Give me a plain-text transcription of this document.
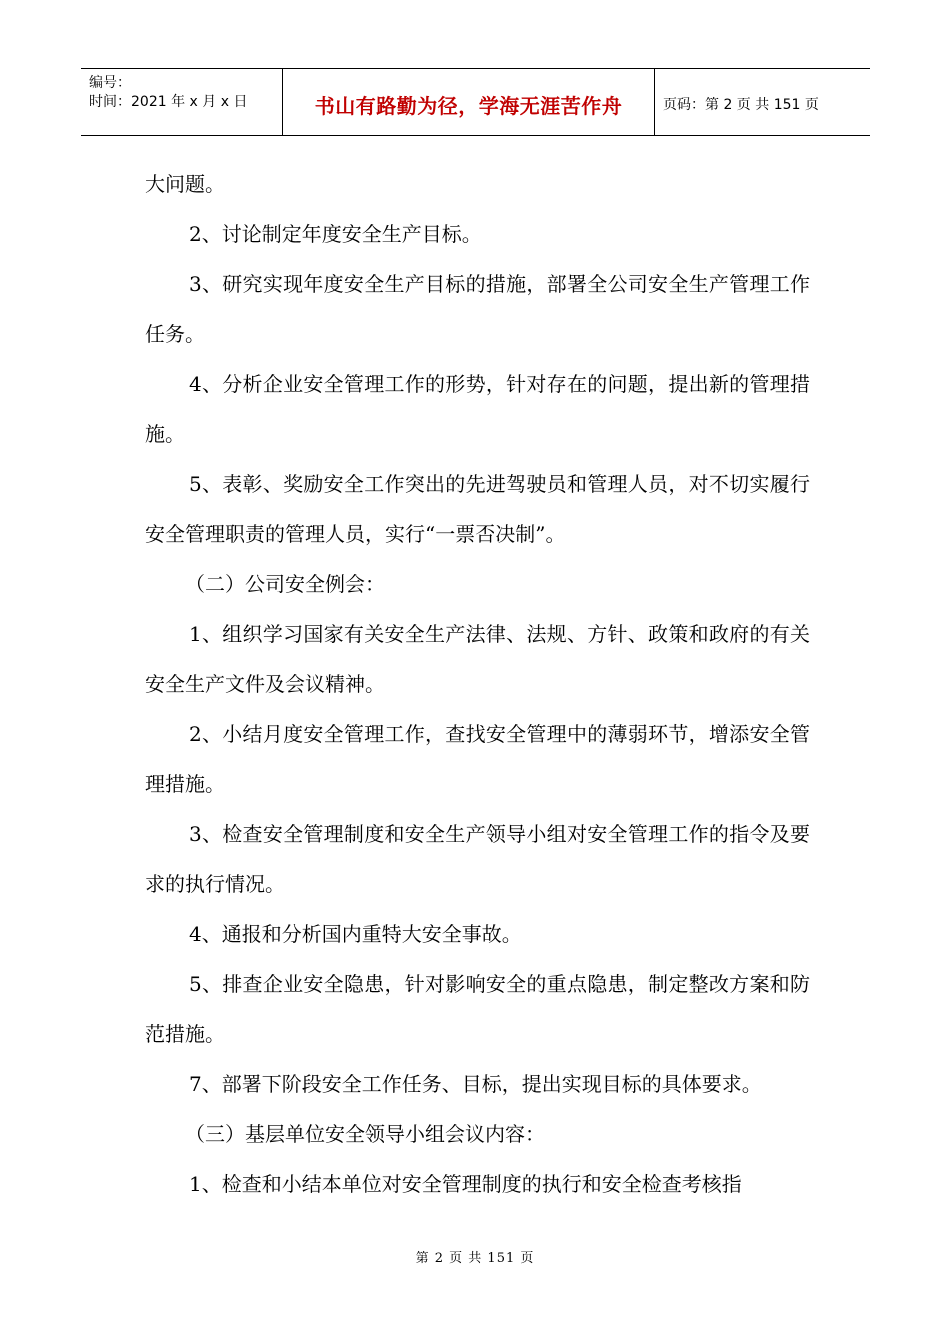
编号：
时间：2021 年 x 月 x 日	书山有路勤为径，学海无涯苦作舟	页码：第 2 页 共 151 页

大问题。

2、讨论制定年度安全生产目标。

3、研究实现年度安全生产目标的措施，部署全公司安全生产管理工作任务。

4、分析企业安全管理工作的形势，针对存在的问题，提出新的管理措施。

5、表彰、奖励安全工作突出的先进驾驶员和管理人员，对不切实履行安全管理职责的管理人员，实行“一票否决制”。

（二）公司安全例会：

1、组织学习国家有关安全生产法律、法规、方针、政策和政府的有关安全生产文件及会议精神。

2、小结月度安全管理工作，查找安全管理中的薄弱环节，增添安全管理措施。

3、检查安全管理制度和安全生产领导小组对安全管理工作的指令及要求的执行情况。

4、通报和分析国内重特大安全事故。

5、排查企业安全隐患，针对影响安全的重点隐患，制定整改方案和防范措施。

7、部署下阶段安全工作任务、目标，提出实现目标的具体要求。

（三）基层单位安全领导小组会议内容：

1、检查和小结本单位对安全管理制度的执行和安全检查考核指

第 2 页 共 151 页
